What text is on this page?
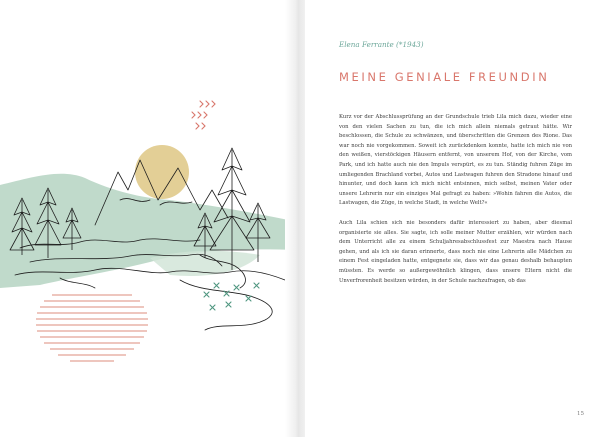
Elena Ferrante (*1943)
MEINE GENIALE FREUNDIN

Kurz vor der Abschlussprüfung an der Grundschule trieb Lila mich dazu, wieder eine von den vielen Sachen zu tun, die ich mich allein niemals getraut hätte. Wir beschlossen, die Schule zu schwänzen, und überschritten die Grenzen des Rione. Das war noch nie vorgekommen. Soweit ich zurückdenken konnte, hatte ich mich nie von den weißen, vierstöckigen Häusern entfernt, von unserem Hof, von der Kirche, vom Park, und ich hatte auch nie den Impuls verspürt, es zu tun. Ständig fuhren Züge im umliegenden Brachland vorbei, Autos und Lastwagen fuhren den Stradone hinauf und hinunter, und doch kann ich mich nicht entsinnen, mich selbst, meinen Vater oder unsere Lehrerin nur ein einziges Mal gefragt zu haben: »Wohin fahren die Autos, die Lastwagen, die Züge, in welche Stadt, in welche Welt?«

Auch Lila schien sich nie besonders dafür interessiert zu haben, aber diesmal organisierte sie alles. Sie sagte, ich solle meiner Mutter erzählen, wir würden nach dem Unterricht alle zu einem Schuljahresabschlussfest zur Maestra nach Hause gehen, und als ich sie daran erinnerte, dass noch nie eine Lehrerin alle Mädchen zu einem Fest eingeladen hatte, entgegnete sie, dass wir das genau deshalb behaupten müssten. Es werde so außergewöhnlich klingen, dass unsere Eltern nicht die Unverfrorenheit besitzen würden, in der Schule nachzufragen, ob das

15
